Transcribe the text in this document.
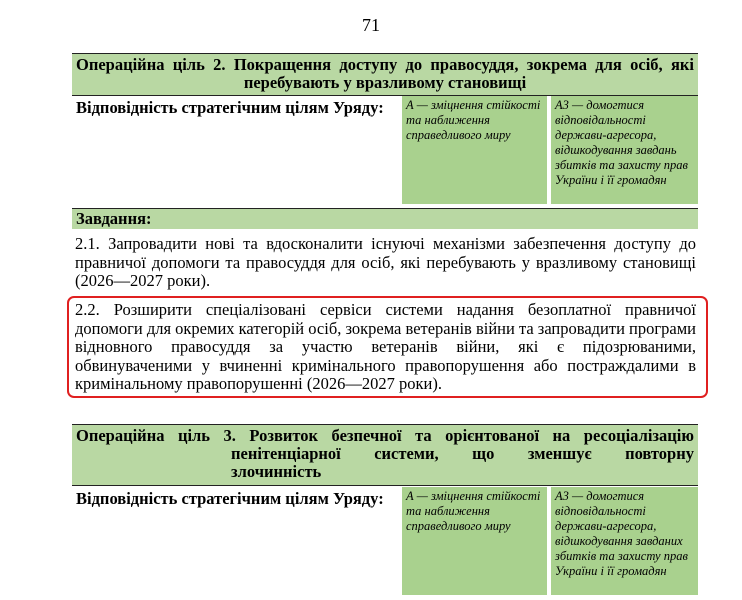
71
Операційна ціль 2. Покращення доступу до правосуддя, зокрема для осіб, які
перебувають у вразливому становищі
Відповідність стратегічним цілям Уряду:	А — зміцнення стійкості та наближення справедливого миру
А3 — домогтися відповідальності держави-агресора, відшкодування завдань збитків та захисту прав України і її громадян
Завдання:
2.1. Запровадити нові та вдосконалити існуючі механізми забезпечення доступу до правничої допомоги та правосуддя для осіб, які перебувають у вразливому становищі (2026—2027 роки).
2.2. Розширити спеціалізовані сервіси системи надання безоплатної правничої допомоги для окремих категорій осіб, зокрема ветеранів війни та запровадити програми відновного правосуддя за участю ветеранів війни, які є підозрюваними, обвинуваченими у вчиненні кримінального правопорушення або постраждалими в кримінальному правопорушенні (2026—2027 роки).
Операційна ціль 3. Розвиток безпечної та орієнтованої на ресоціалізацію
пенітенціарної системи, що зменшує повторну
злочинність
Відповідність стратегічним цілям Уряду:	А — зміцнення стійкості та наближення справедливого миру
А3 — домогтися відповідальності держави-агресора, відшкодування завданих збитків та захисту прав України і її громадян
